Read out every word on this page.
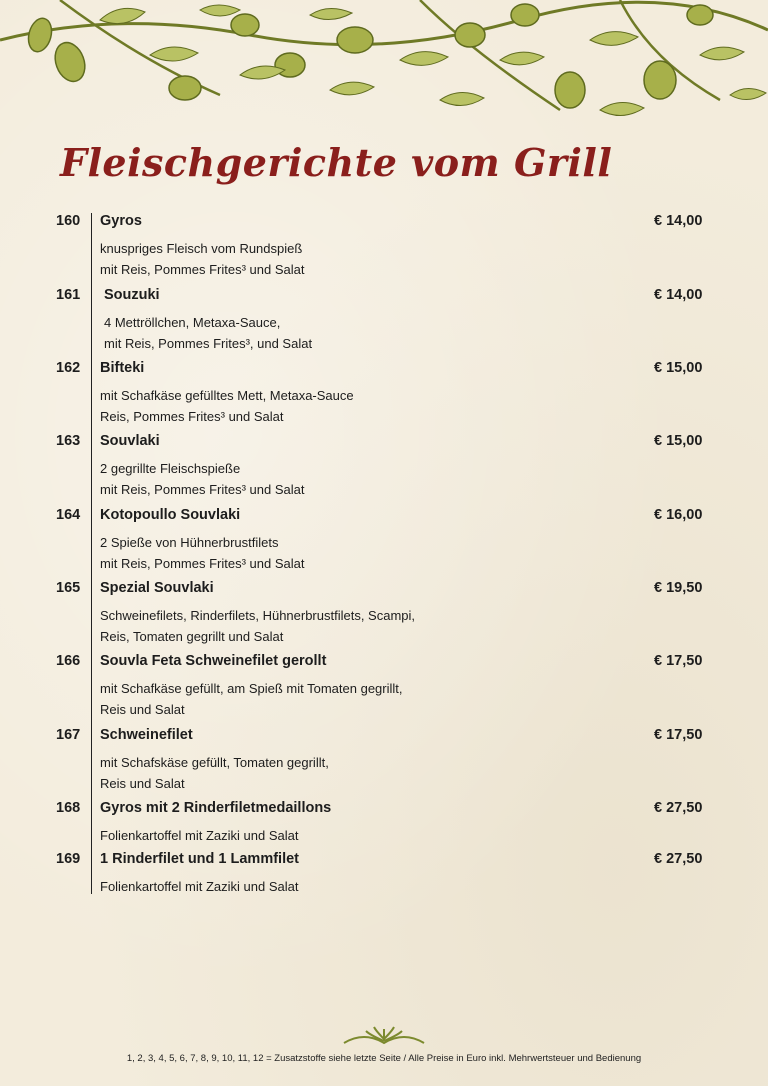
Fleischgerichte vom Grill
160 Gyros	€ 14,00
knuspriges Fleisch vom Rundspieß
mit Reis, Pommes Frites³ und Salat
161 Souzuki	€ 14,00
4 Mettröllchen, Metaxa-Sauce,
mit Reis, Pommes Frites³, und Salat
162 Bifteki	€ 15,00
mit Schafkäse gefülltes Mett, Metaxa-Sauce
Reis, Pommes Frites³ und Salat
163 Souvlaki	€ 15,00
2 gegrillte Fleischspieße
mit Reis, Pommes Frites³ und Salat
164 Kotopoullo Souvlaki	€ 16,00
2 Spieße von Hühnerbrustfilets
mit Reis, Pommes Frites³ und Salat
165 Spezial Souvlaki	€ 19,50
Schweinefilets, Rinderfilets, Hühnerbrustfilets, Scampi,
Reis, Tomaten gegrillt und Salat
166 Souvla Feta Schweinefilet gerollt	€ 17,50
mit Schafkäse gefüllt, am Spieß mit Tomaten gegrillt,
Reis und Salat
167 Schweinefilet	€ 17,50
mit Schafskäse gefüllt, Tomaten gegrillt,
Reis und Salat
168 Gyros mit 2 Rinderfiletmedaillons	€ 27,50
Folienkartoffel mit Zaziki und Salat
169 1 Rinderfilet und 1 Lammfilet	€ 27,50
Folienkartoffel mit Zaziki und Salat
1, 2, 3, 4, 5, 6, 7, 8, 9, 10, 11, 12 = Zusatzstoffe siehe letzte Seite / Alle Preise in Euro inkl. Mehrwertsteuer und Bedienung
